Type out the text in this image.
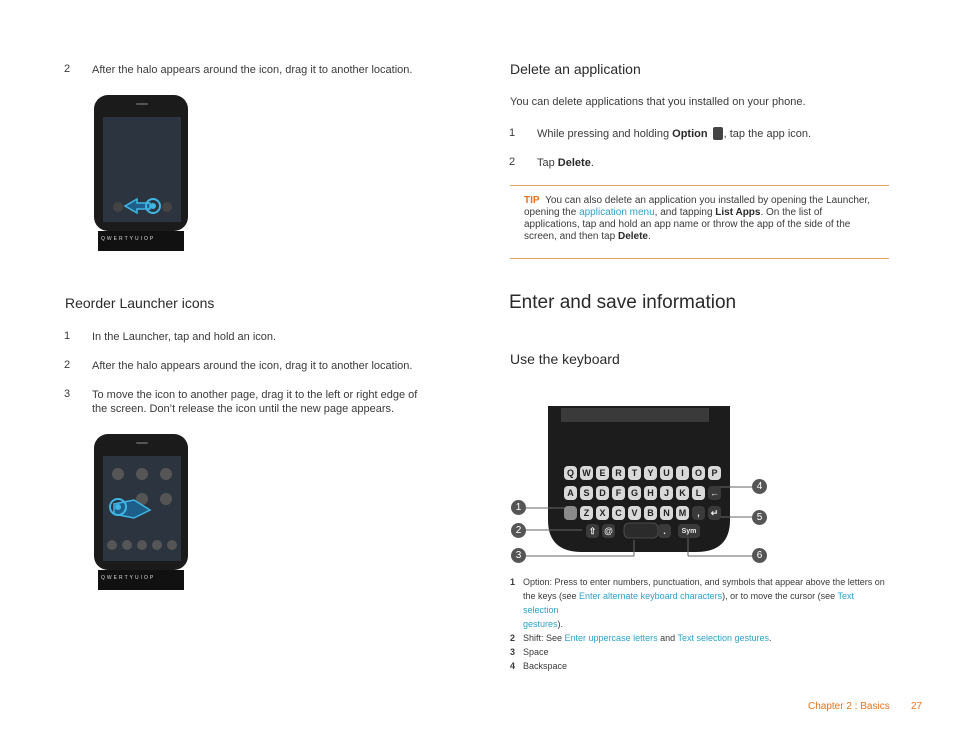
2 After the halo appears around the icon, drag it to another location.
Q W E R T Y U I O P
Reorder Launcher icons
1 In the Launcher, tap and hold an icon.
2 After the halo appears around the icon, drag it to another location.
3 To move the icon to another page, drag it to the left or right edge of
the screen. Don’t release the icon until the new page appears.
Q W E R T Y U I O P
Delete an application
You can delete applications that you installed on your phone.
1 While pressing and holding Option , tap the app icon.
2 Tap Delete.
TIP You can also delete an application you installed by opening the Launcher,
opening the application menu, and tapping List Apps. On the list of
applications, tap and hold an app name or throw the app of the side of the
screen, and then tap Delete.
Enter and save information
Use the keyboard
Q W E	R	T	Y	U	I	O	P
A	S	D	F	G	H	J	K	L ←
Z	X	C	V	B	N	M	,	↵
⇧ @	.	Sym
1
2
3
4
5
6
1 Option: Press to enter numbers, punctuation, and symbols that appear above the letters on
the keys (see Enter alternate keyboard characters), or to move the cursor (see Text selection
gestures).
2 Shift: See Enter uppercase letters and Text selection gestures.
3 Space
4 Backspace
Chapter 2 : Basics 27
